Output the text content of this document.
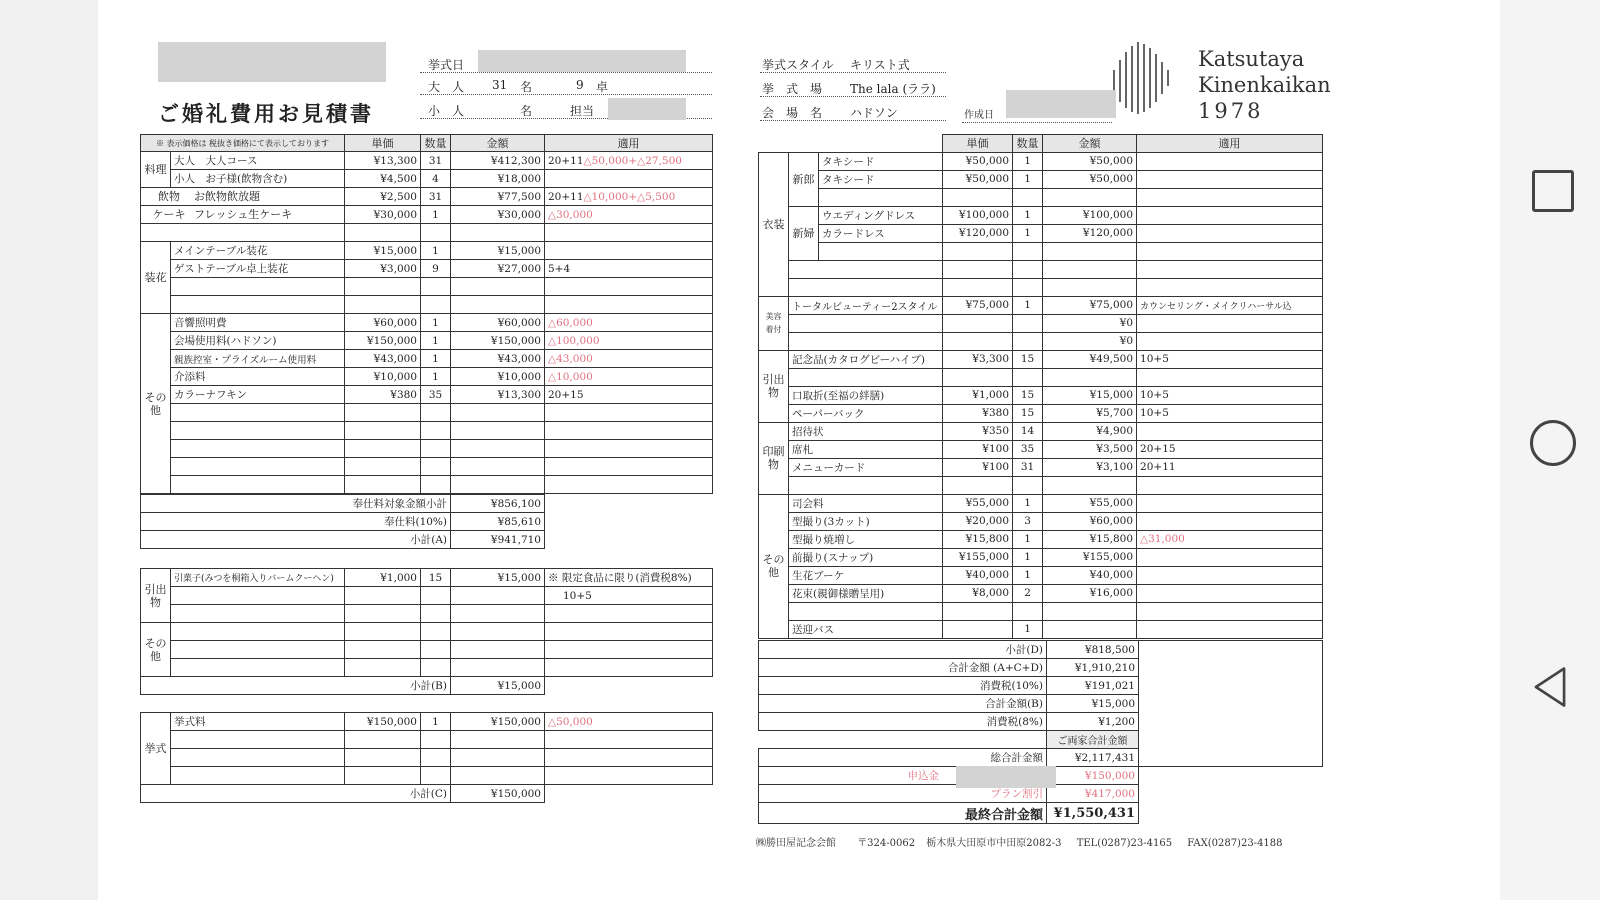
ご婚礼費用お見積書
挙式日
大　人 31 名	9 卓
小　人	名	担当
挙式スタイル キリスト式
挙　式　場 The lala (ララ)
会　場　名 ハドソン	作成日
Katsutaya
Kinenkaikan
1978
※ 表示価格は 税抜き価格にて表示しております		単価	数量	金額	適用
料理	大人　 大人コース	¥13,300	31	¥412,300	20+11△50,000+△27,500
	小人　 お子様(飲物含む)	¥4,500	4	¥18,000	
飲物 お飲物飲放題		¥2,500	31	¥77,500	20+11△10,000+△5,500
ケーキ フレッシュ生ケーキ		¥30,000	1	¥30,000	△30,000

装花	メインテーブル装花	¥15,000	1	¥15,000	
	ゲストテーブル卓上装花	¥3,000	9	¥27,000	5+4

その他	音響照明費	¥60,000	1	¥60,000	△60,000
	会場使用料(ハドソン)	¥150,000	1	¥150,000	△100,000
	親族控室・プライズルーム使用料	¥43,000	1	¥43,000	△43,000
	介添料	¥10,000	1	¥10,000	△10,000
	カラーナフキン	¥380	35	¥13,300	20+15

奉仕料対象金額小計	¥856,100
奉仕料(10%)	¥85,610
小計(A)	¥941,710
引出物	引菓子(みつを桐箱入りバームクーヘン)	¥1,000	15	¥15,000	※ 限定食品に限り(消費税8%)
					10+5

その他					

小計(B)	¥15,000
挙式	挙式料	¥150,000	1	¥150,000	△50,000

小計(C)	¥150,000
			単価	数量	金額	適用
衣装	新郎	タキシード	¥50,000	1	¥50,000	
		タキシード	¥50,000	1	¥50,000	

	新婦	ウエディングドレス	¥100,000	1	¥100,000	
		カラードレス	¥120,000	1	¥120,000	

美容着付	トータルビューティー2スタイル		¥75,000	1	¥75,000	カウンセリング・メイクリハーサル込
					¥0	
					¥0	
引出物	記念品(カタログビーハイブ)		¥3,300	15	¥49,500	10+5

	口取折(至福の絆膳)		¥1,000	15	¥15,000	10+5
	ペーパーバック		¥380	15	¥5,700	10+5
印刷物	招待状		¥350	14	¥4,900	
	席札		¥100	35	¥3,500	20+15
	メニューカード		¥100	31	¥3,100	20+11

その他	司会料		¥55,000	1	¥55,000	
	型撮り(3カット)		¥20,000	3	¥60,000	
	型撮り焼増し		¥15,800	1	¥15,800	△31,000
	前撮り(スナップ)		¥155,000	1	¥155,000	
	生花ブーケ		¥40,000	1	¥40,000	
	花束(親御様贈呈用)		¥8,000	2	¥16,000	

	送迎バス			1		
小計(D)	¥818,500	
合計金額 (A+C+D)	¥1,910,210	
消費税(10%)	¥191,021	
合計金額(B)	¥15,000	
消費税(8%)	¥1,200	
	ご両家合計金額	
総合計金額	¥2,117,431	
申込金	¥150,000	
プラン割引	¥417,000	
最終合計金額	¥1,550,431	
㈱勝田屋記念会館 〒324-0062 栃木県大田原市中田原2082-3 TEL(0287)23-4165 FAX(0287)23-4188
